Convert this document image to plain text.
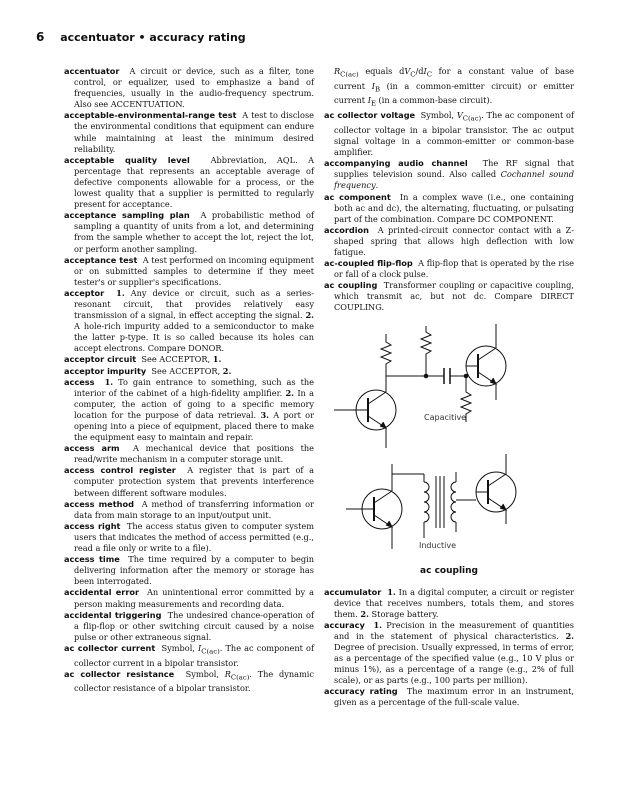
6 accentuator • accuracy rating

accentuator  A circuit or device, such as a filter, tone control, or equalizer, used to emphasize a band of frequencies, usually in the audio-frequency spectrum. Also see ACCENTUATION.

acceptable-environmental-range test  A test to disclose the environmental conditions that equipment can endure while maintaining at least the minimum desired reliability.

acceptable quality level  Abbreviation, AQL. A percentage that represents an acceptable average of defective components allowable for a process, or the lowest quality that a supplier is permitted to regularly present for acceptance.

acceptance sampling plan  A probabilistic method of sampling a quantity of units from a lot, and determining from the sample whether to accept the lot, reject the lot, or perform another sampling.

acceptance test  A test performed on incoming equipment or on submitted samples to determine if they meet tester's or supplier's specifications.

acceptor 1. Any device or circuit, such as a series-resonant circuit, that provides relatively easy transmission of a signal, in effect accepting the signal. 2. A hole-rich impurity added to a semiconductor to make the latter p-type. It is so called because its holes can accept electrons. Compare DONOR.

acceptor circuit  See ACCEPTOR, 1.

acceptor impurity  See ACCEPTOR, 2.

access 1. To gain entrance to something, such as the interior of the cabinet of a high-fidelity amplifier. 2. In a computer, the action of going to a specific memory location for the purpose of data retrieval. 3. A port or opening into a piece of equipment, placed there to make the equipment easy to maintain and repair.

access arm  A mechanical device that positions the read/write mechanism in a computer storage unit.

access control register  A register that is part of a computer protection system that prevents interference between different software modules.

access method  A method of transferring information or data from main storage to an input/output unit.

access right  The access status given to computer system users that indicates the method of access permitted (e.g., read a file only or write to a file).

access time  The time required by a computer to begin delivering information after the memory or storage has been interrogated.

accidental error  An unintentional error committed by a person making measurements and recording data.

accidental triggering  The undesired chance-operation of a flip-flop or other switching circuit caused by a noise pulse or other extraneous signal.

ac collector current  Symbol, $I_{C(ac)}$. The ac component of collector current in a bipolar transistor.

ac collector resistance  Symbol, $R_{C(ac)}$. The dynamic collector resistance of a bipolar transistor.

$R_{C(ac)}$ equals $dV_C/dI_C$ for a constant value of base current $I_B$ (in a common-emitter circuit) or emitter current $I_E$ (in a common-base circuit).

ac collector voltage  Symbol, $V_{C(ac)}$. The ac component of collector voltage in a bipolar transistor. The ac output signal voltage in a common-emitter or common-base amplifier.

accompanying audio channel  The RF signal that supplies television sound. Also called Cochannel sound frequency.

ac component  In a complex wave (i.e., one containing both ac and dc), the alternating, fluctuating, or pulsating part of the combination. Compare DC COMPONENT.

accordion  A printed-circuit connector contact with a Z-shaped spring that allows high deflection with low fatigue.

ac-coupled flip-flop  A flip-flop that is operated by the rise or fall of a clock pulse.

ac coupling  Transformer coupling or capacitive coupling, which transmit ac, but not dc. Compare DIRECT COUPLING.

Capacitive
Inductive
ac coupling

accumulator 1. In a digital computer, a circuit or register device that receives numbers, totals them, and stores them. 2. Storage battery.

accuracy 1. Precision in the measurement of quantities and in the statement of physical characteristics. 2. Degree of precision. Usually expressed, in terms of error, as a percentage of the specified value (e.g., 10 V plus or minus 1%), as a percentage of a range (e.g., 2% of full scale), or as parts (e.g., 100 parts per million).

accuracy rating  The maximum error in an instrument, given as a percentage of the full-scale value.
